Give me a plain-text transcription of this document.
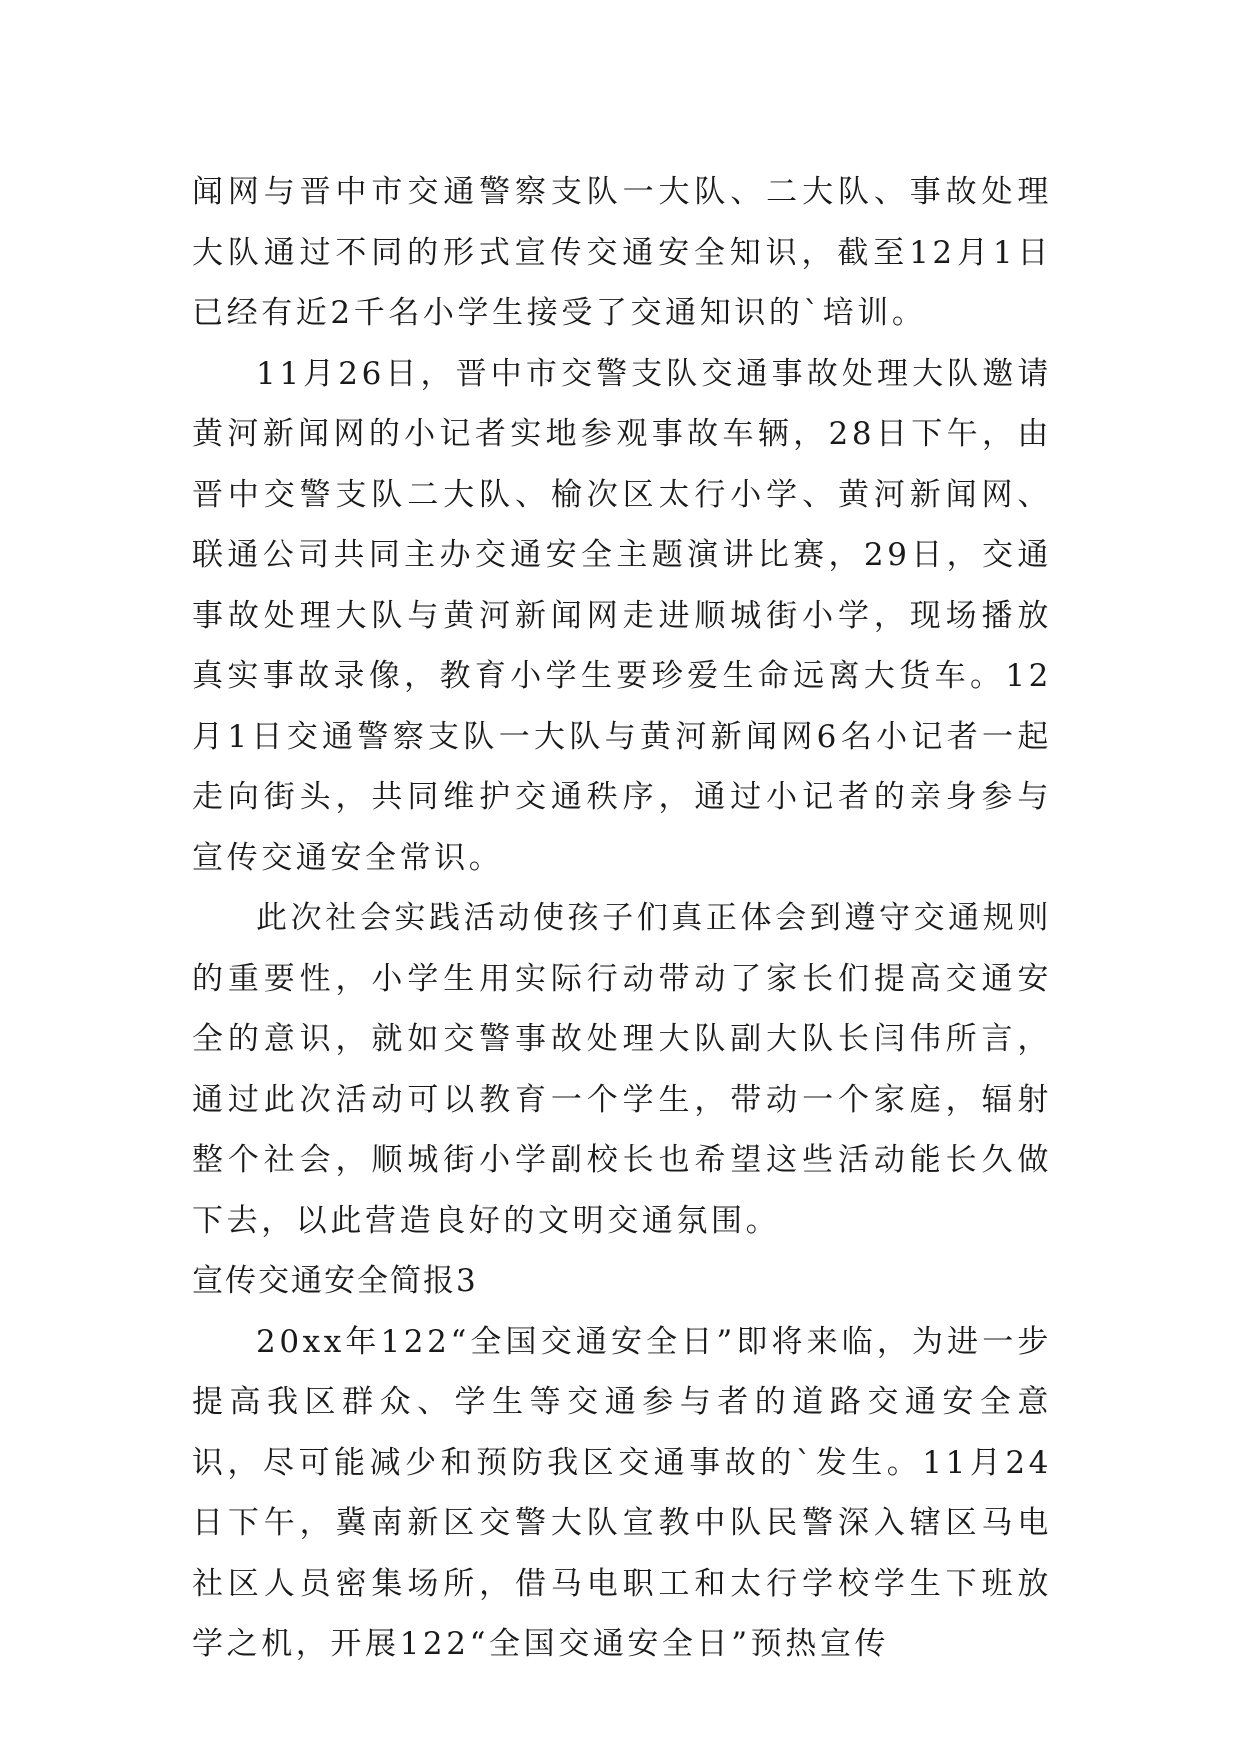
闻网与晋中市交通警察支队一大队、二大队、事故处理大队通过不同的形式宣传交通安全知识，截至12月1日已经有近2千名小学生接受了交通知识的`培训。

11月26日，晋中市交警支队交通事故处理大队邀请黄河新闻网的小记者实地参观事故车辆，28日下午，由晋中交警支队二大队、榆次区太行小学、黄河新闻网、联通公司共同主办交通安全主题演讲比赛，29日，交通事故处理大队与黄河新闻网走进顺城街小学，现场播放真实事故录像，教育小学生要珍爱生命远离大货车。12月1日交通警察支队一大队与黄河新闻网6名小记者一起走向街头，共同维护交通秩序，通过小记者的亲身参与宣传交通安全常识。

此次社会实践活动使孩子们真正体会到遵守交通规则的重要性，小学生用实际行动带动了家长们提高交通安全的意识，就如交警事故处理大队副大队长闫伟所言，通过此次活动可以教育一个学生，带动一个家庭，辐射整个社会，顺城街小学副校长也希望这些活动能长久做下去，以此营造良好的文明交通氛围。

宣传交通安全简报3

20xx年122“全国交通安全日”即将来临，为进一步提高我区群众、学生等交通参与者的道路交通安全意识，尽可能减少和预防我区交通事故的`发生。11月24日下午，冀南新区交警大队宣教中队民警深入辖区马电社区人员密集场所，借马电职工和太行学校学生下班放学之机，开展122“全国交通安全日”预热宣传
